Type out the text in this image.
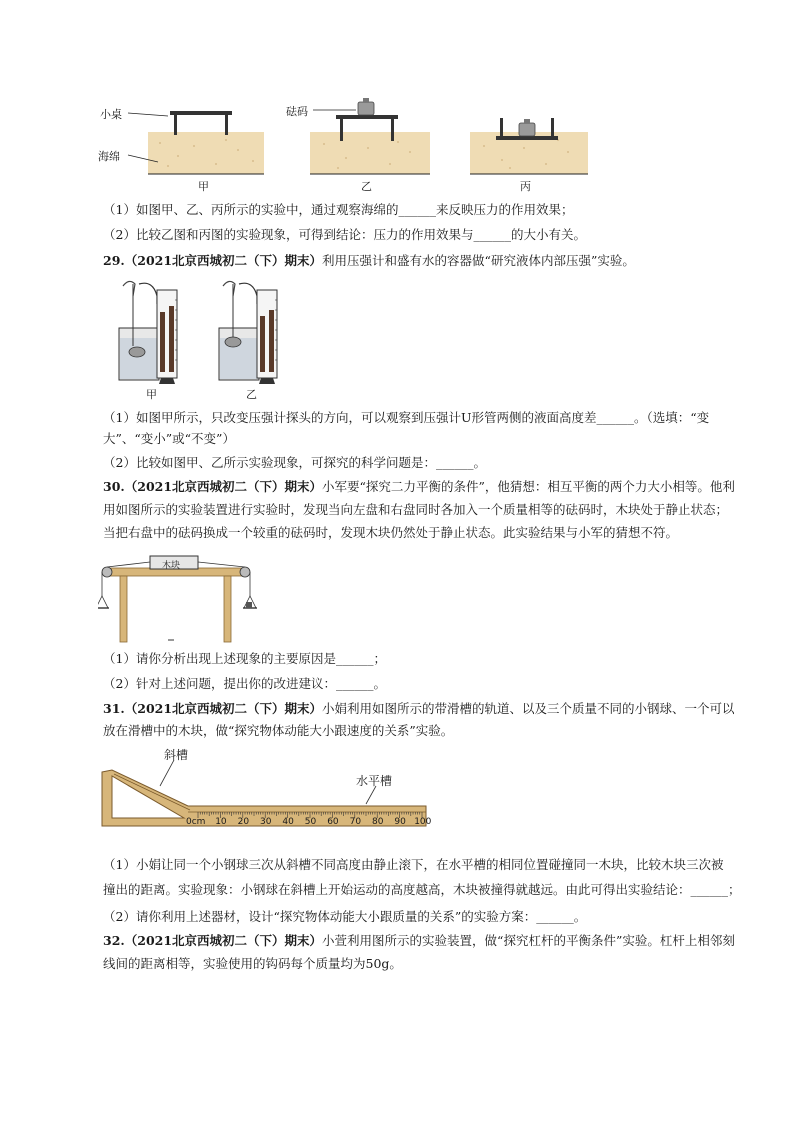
小桌
海绵
砝码
甲	乙	丙
（1）如图甲、乙、丙所示的实验中，通过观察海绵的______来反映压力的作用效果；
（2）比较乙图和丙图的实验现象，可得到结论：压力的作用效果与______的大小有关。
29.（2021北京西城初二（下）期末）利用压强计和盛有水的容器做“研究液体内部压强”实验。
甲	乙
（1）如图甲所示，只改变压强计探头的方向，可以观察到压强计U形管两侧的液面高度差______。（选填：“变
大”、“变小”或“不变”）
（2）比较如图甲、乙所示实验现象，可探究的科学问题是：______。
30.（2021北京西城初二（下）期末）小军要“探究二力平衡的条件”，他猜想：相互平衡的两个力大小相等。他利
用如图所示的实验装置进行实验时，发现当向左盘和右盘同时各加入一个质量相等的砝码时，木块处于静止状态；
当把右盘中的砝码换成一个较重的砝码时，发现木块仍然处于静止状态。此实验结果与小军的猜想不符。
木块
（1）请你分析出现上述现象的主要原因是______；
（2）针对上述问题，提出你的改进建议：______。
31.（2021北京西城初二（下）期末）小娟利用如图所示的带滑槽的轨道、以及三个质量不同的小钢球、一个可以
放在滑槽中的木块，做“探究物体动能大小跟速度的关系”实验。
斜槽
水平槽
0cm 10 20 30 40 50 60 70 80 90 100
（1）小娟让同一个小钢球三次从斜槽不同高度由静止滚下，在水平槽的相同位置碰撞同一木块，比较木块三次被
撞出的距离。实验现象：小钢球在斜槽上开始运动的高度越高，木块被撞得就越远。由此可得出实验结论：______；
（2）请你利用上述器材，设计“探究物体动能大小跟质量的关系”的实验方案：______。
32.（2021北京西城初二（下）期末）小萱利用图所示的实验装置，做“探究杠杆的平衡条件”实验。杠杆上相邻刻
线间的距离相等，实验使用的钩码每个质量均为50g。
